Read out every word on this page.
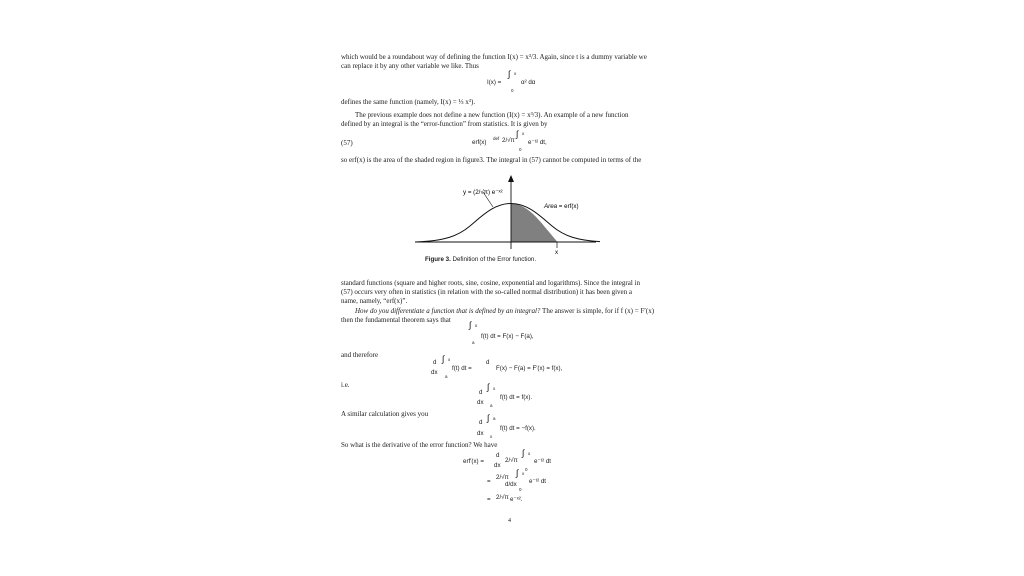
which would be a roundabout way of defining the function I(x) = x³/3. Again, since t is a dummy variable we
can replace it by any other variable we like. Thus
I(x) =
∫ x
0
α² dα
defines the same function (namely, I(x) = ⅓ x³).
The previous example does not define a new function (I(x) = x³/3). An example of a new function
defined by an integral is the “error-function” from statistics. It is given by
(57)	erf(x)
def 2/√π
∫ x
0
e⁻ᵗ² dt,
so erf(x) is the area of the shaded region in figure3. The integral in (57) cannot be computed in terms of the
y = (2/√π) e⁻ˣ²
Area = erf(x)
x
Figure 3. Definition of the Error function.
standard functions (square and higher roots, sine, cosine, exponential and logarithms). Since the integral in
(57) occurs very often in statistics (in relation with the so-called normal distribution) it has been given a
name, namely, “erf(x)”.
How do you differentiate a function that is defined by an integral? The answer is simple, for if f (x) = F′(x)
then the fundamental theorem says that ∫ x
a
f(t) dt = F(x) − F(a),
and therefore
d
dx
∫ x
a
f(t) dt =
d
F(x) − F(a) = F′(x) = f(x),
i.e.
d
dx
∫ x
a
f(t) dt = f(x).
A similar calculation gives you
d
dx
∫ a
x
f(t) dt = −f(x).
So what is the derivative of the error function? We have
erf′(x) =
d
dx
2/√π
∫ x
0
e⁻ᵗ² dt
=
2/√π
d/dx
∫ x
0
e⁻ᵗ² dt
= 2/√π e⁻ˣ².
4
